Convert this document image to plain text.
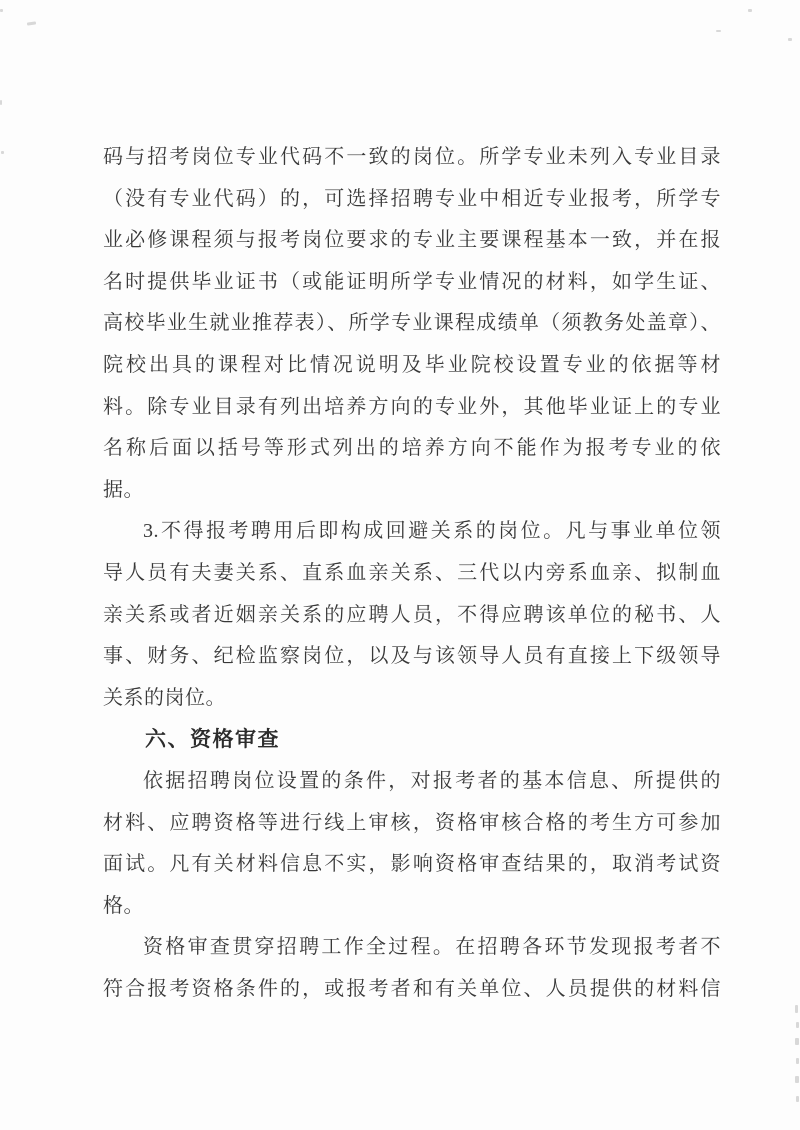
码与招考岗位专业代码不一致的岗位。所学专业未列入专业目录
（没有专业代码）的，可选择招聘专业中相近专业报考，所学专
业必修课程须与报考岗位要求的专业主要课程基本一致，并在报
名时提供毕业证书（或能证明所学专业情况的材料，如学生证、
高校毕业生就业推荐表）、所学专业课程成绩单（须教务处盖章）、
院校出具的课程对比情况说明及毕业院校设置专业的依据等材
料。除专业目录有列出培养方向的专业外，其他毕业证上的专业
名称后面以括号等形式列出的培养方向不能作为报考专业的依
据。
3.不得报考聘用后即构成回避关系的岗位。凡与事业单位领
导人员有夫妻关系、直系血亲关系、三代以内旁系血亲、拟制血
亲关系或者近姻亲关系的应聘人员，不得应聘该单位的秘书、人
事、财务、纪检监察岗位，以及与该领导人员有直接上下级领导
关系的岗位。
六、资格审查
依据招聘岗位设置的条件，对报考者的基本信息、所提供的
材料、应聘资格等进行线上审核，资格审核合格的考生方可参加
面试。凡有关材料信息不实，影响资格审查结果的，取消考试资
格。
资格审查贯穿招聘工作全过程。在招聘各环节发现报考者不
符合报考资格条件的，或报考者和有关单位、人员提供的材料信
